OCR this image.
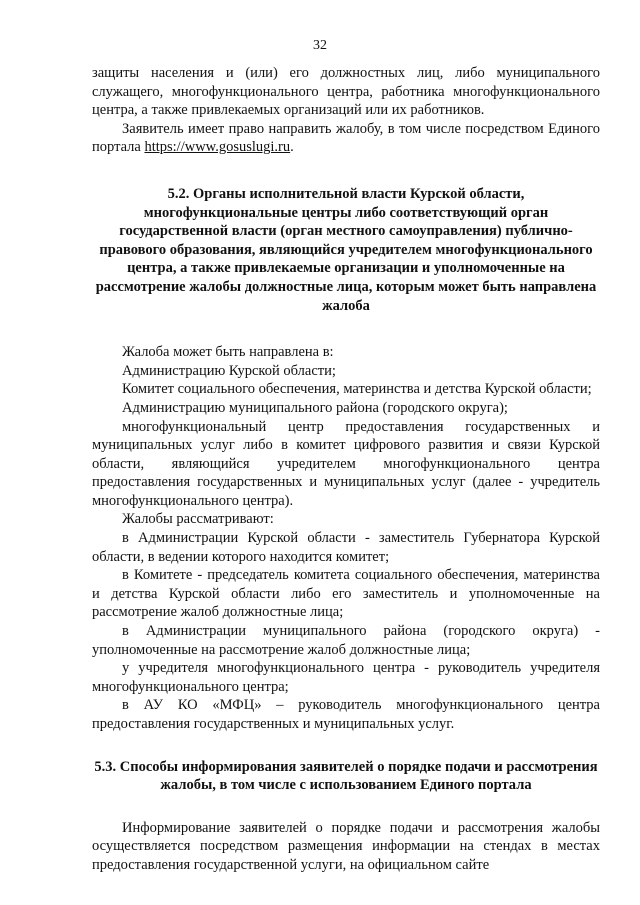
32

защиты населения и (или) его должностных лиц, либо муниципального служащего, многофункционального центра, работника многофункционального центра, а также привлекаемых организаций или их работников.

Заявитель имеет право направить жалобу, в том числе посредством Единого портала https://www.gosuslugi.ru.

5.2. Органы исполнительной власти Курской области, многофункциональные центры либо соответствующий орган государственной власти (орган местного самоуправления) публично-правового образования, являющийся учредителем многофункционального центра, а также привлекаемые организации и уполномоченные на рассмотрение жалобы должностные лица, которым может быть направлена жалоба

Жалоба может быть направлена в:

Администрацию Курской области;

Комитет социального обеспечения, материнства и детства Курской области;

Администрацию муниципального района (городского округа);

многофункциональный центр предоставления государственных и муниципальных услуг либо в комитет цифрового развития и связи Курской области, являющийся учредителем многофункционального центра предоставления государственных и муниципальных услуг (далее - учредитель многофункционального центра).

Жалобы рассматривают:

в Администрации Курской области - заместитель Губернатора Курской области, в ведении которого находится комитет;

в Комитете - председатель комитета социального обеспечения, материнства и детства Курской области либо его заместитель и уполномоченные на рассмотрение жалоб должностные лица;

в Администрации муниципального района (городского округа) - уполномоченные на рассмотрение жалоб должностные лица;

у учредителя многофункционального центра - руководитель учредителя многофункционального центра;

в АУ КО «МФЦ» – руководитель многофункционального центра предоставления государственных и муниципальных услуг.

5.3. Способы информирования заявителей о порядке подачи и рассмотрения жалобы, в том числе с использованием Единого портала

Информирование заявителей о порядке подачи и рассмотрения жалобы осуществляется посредством размещения информации на стендах в местах предоставления государственной услуги, на официальном сайте
